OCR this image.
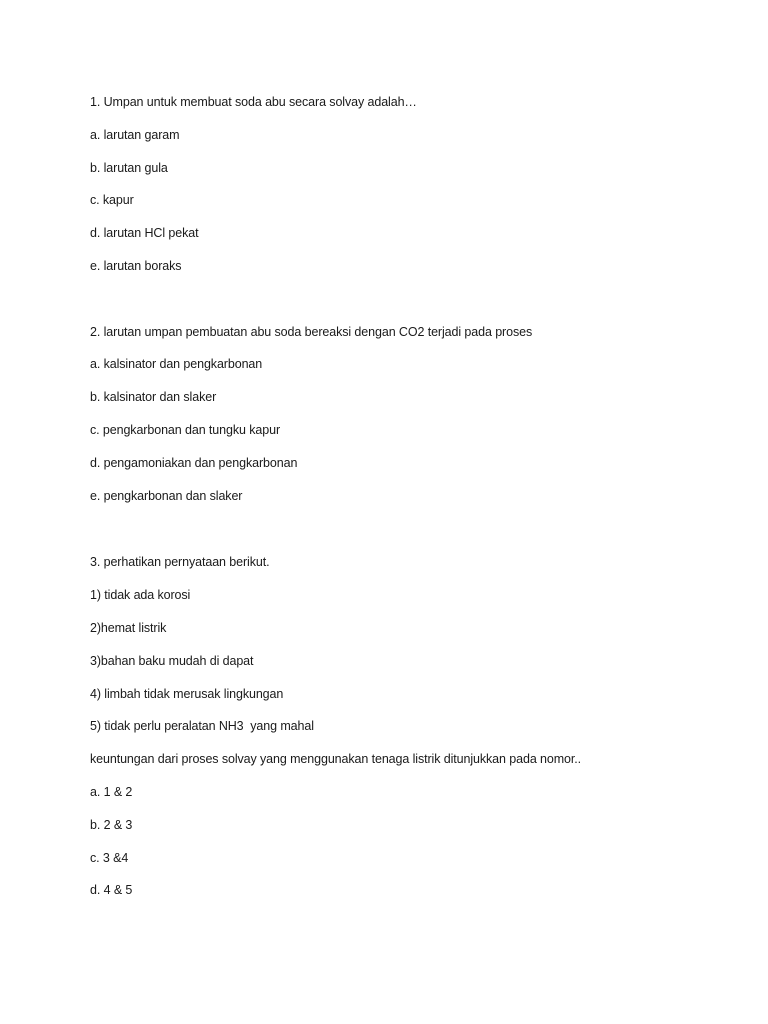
1. Umpan untuk membuat soda abu secara solvay adalah…
a. larutan garam
b. larutan gula
c. kapur
d. larutan HCl pekat
e. larutan boraks
2. larutan umpan pembuatan abu soda bereaksi dengan CO2 terjadi pada proses
a. kalsinator dan pengkarbonan
b. kalsinator dan slaker
c. pengkarbonan dan tungku kapur
d. pengamoniakan dan pengkarbonan
e. pengkarbonan dan slaker
3. perhatikan pernyataan berikut.
1) tidak ada korosi
2)hemat listrik
3)bahan baku mudah di dapat
4) limbah tidak merusak lingkungan
5) tidak perlu peralatan NH3  yang mahal
keuntungan dari proses solvay yang menggunakan tenaga listrik ditunjukkan pada nomor..
a. 1 & 2
b. 2 & 3
c. 3 &4
d. 4 & 5
